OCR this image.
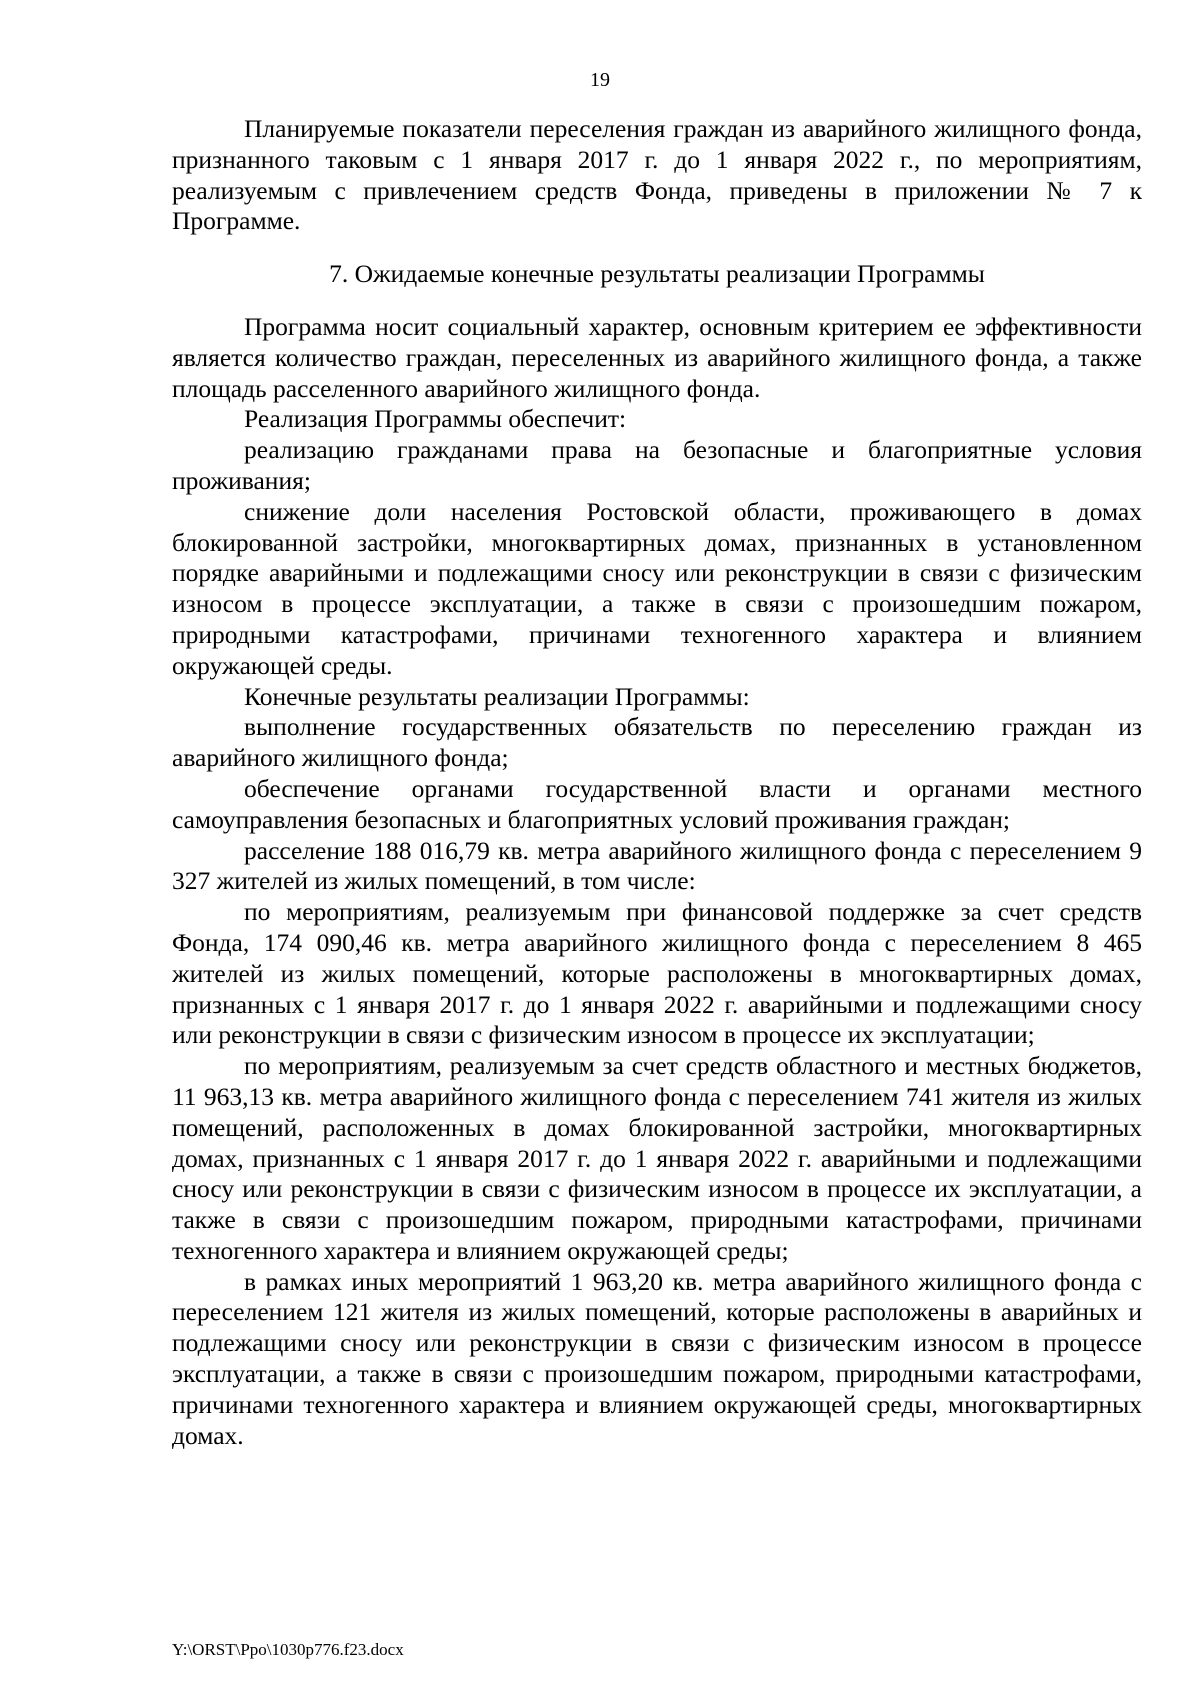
19

Планируемые показатели переселения граждан из аварийного жилищного фонда, признанного таковым с 1 января 2017 г. до 1 января 2022 г., по мероприятиям, реализуемым с привлечением средств Фонда, приведены в приложении № 7 к Программе.

7. Ожидаемые конечные результаты реализации Программы

Программа носит социальный характер, основным критерием ее эффективности является количество граждан, переселенных из аварийного жилищного фонда, а также площадь расселенного аварийного жилищного фонда.

Реализация Программы обеспечит:

реализацию гражданами права на безопасные и благоприятные условия проживания;

снижение доли населения Ростовской области, проживающего в домах блокированной застройки, многоквартирных домах, признанных в установленном порядке аварийными и подлежащими сносу или реконструкции в связи с физическим износом в процессе эксплуатации, а также в связи с произошедшим пожаром, природными катастрофами, причинами техногенного характера и влиянием окружающей среды.

Конечные результаты реализации Программы:

выполнение государственных обязательств по переселению граждан из аварийного жилищного фонда;

обеспечение органами государственной власти и органами местного самоуправления безопасных и благоприятных условий проживания граждан;

расселение 188 016,79 кв. метра аварийного жилищного фонда с переселением 9 327 жителей из жилых помещений, в том числе:

по мероприятиям, реализуемым при финансовой поддержке за счет средств Фонда, 174 090,46 кв. метра аварийного жилищного фонда с переселением 8 465 жителей из жилых помещений, которые расположены в многоквартирных домах, признанных с 1 января 2017 г. до 1 января 2022 г. аварийными и подлежащими сносу или реконструкции в связи с физическим износом в процессе их эксплуатации;

по мероприятиям, реализуемым за счет средств областного и местных бюджетов, 11 963,13 кв. метра аварийного жилищного фонда с переселением 741 жителя из жилых помещений, расположенных в домах блокированной застройки, многоквартирных домах, признанных с 1 января 2017 г. до 1 января 2022 г. аварийными и подлежащими сносу или реконструкции в связи с физическим износом в процессе их эксплуатации, а также в связи с произошедшим пожаром, природными катастрофами, причинами техногенного характера и влиянием окружающей среды;

в рамках иных мероприятий 1 963,20 кв. метра аварийного жилищного фонда с переселением 121 жителя из жилых помещений, которые расположены в аварийных и подлежащими сносу или реконструкции в связи с физическим износом в процессе эксплуатации, а также в связи с произошедшим пожаром, природными катастрофами, причинами техногенного характера и влиянием окружающей среды, многоквартирных домах.

Y:\ORST\Ppo\1030p776.f23.docx
